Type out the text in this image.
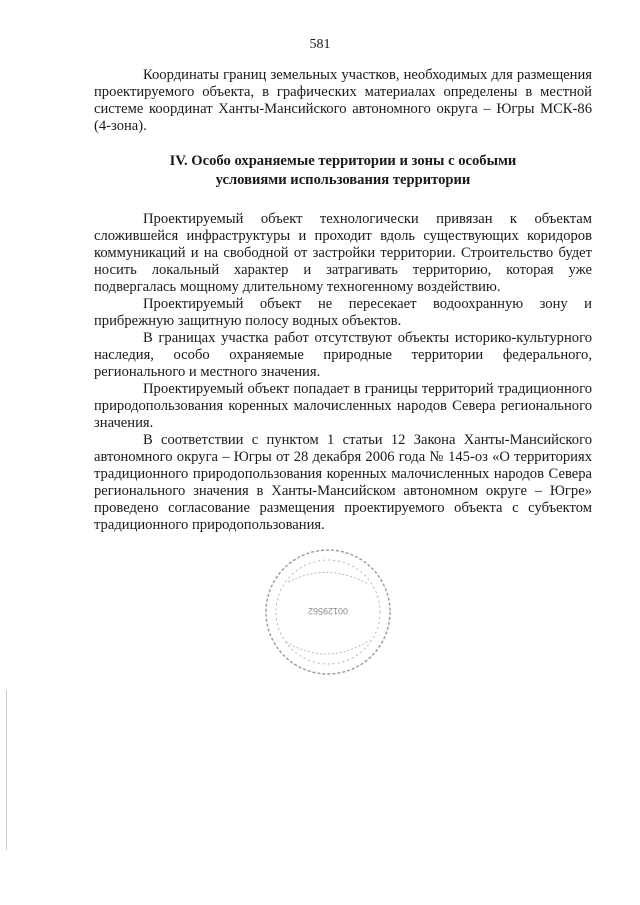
581

Координаты границ земельных участков, необходимых для размещения проектируемого объекта, в графических материалах определены в местной системе координат Ханты-Мансийского автономного округа – Югры МСК-86 (4-зона).

IV. Особо охраняемые территории и зоны с особыми
условиями использования территории

Проектируемый объект технологически привязан к объектам сложившейся инфраструктуры и проходит вдоль существующих коридоров коммуникаций и на свободной от застройки территории. Строительство будет носить локальный характер и затрагивать территорию, которая уже подвергалась мощному длительному техногенному воздействию.

Проектируемый объект не пересекает водоохранную зону и прибрежную защитную полосу водных объектов.

В границах участка работ отсутствуют объекты историко-культурного наследия, особо охраняемые природные территории федерального, регионального и местного значения.

Проектируемый объект попадает в границы территорий традиционного природопользования коренных малочисленных народов Севера регионального значения.

В соответствии с пунктом 1 статьи 12 Закона Ханты-Мансийского автономного округа – Югры от 28 декабря 2006 года № 145-оз «О территориях традиционного природопользования коренных малочисленных народов Севера регионального значения в Ханты-Мансийском автономном округе – Югре» проведено согласование размещения проектируемого объекта с субъектом традиционного природопользования.

00129562
